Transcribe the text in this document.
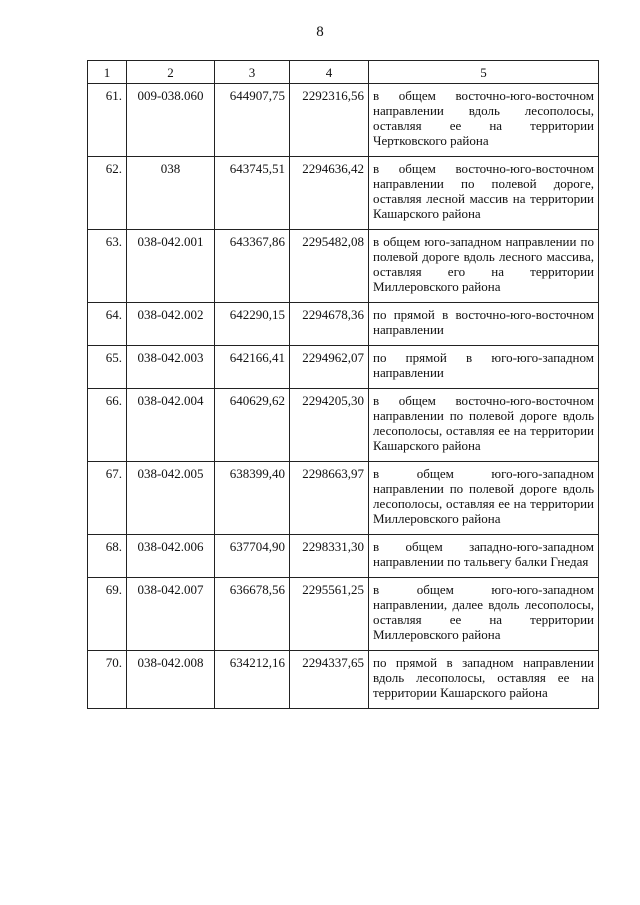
8
1	2	3	4	5
61.	009-038.060	644907,75	2292316,56	в общем восточно-юго-восточном направлении вдоль лесополосы, оставляя ее на территории Чертковского района
62.	038	643745,51	2294636,42	в общем восточно-юго-восточном направлении по полевой дороге, оставляя лесной массив на территории Кашарского района
63.	038-042.001	643367,86	2295482,08	в общем юго-западном направлении по полевой дороге вдоль лесного массива, оставляя его на территории Миллеровского района
64.	038-042.002	642290,15	2294678,36	по прямой в восточно-юго-восточном направлении
65.	038-042.003	642166,41	2294962,07	по прямой в юго-юго-западном направлении
66.	038-042.004	640629,62	2294205,30	в общем восточно-юго-восточном направлении по полевой дороге вдоль лесополосы, оставляя ее на территории Кашарского района
67.	038-042.005	638399,40	2298663,97	в общем юго-юго-западном направлении по полевой дороге вдоль лесополосы, оставляя ее на территории Миллеровского района
68.	038-042.006	637704,90	2298331,30	в общем западно-юго-западном направлении по тальвегу балки Гнедая
69.	038-042.007	636678,56	2295561,25	в общем юго-юго-западном направлении, далее вдоль лесополосы, оставляя ее на территории Миллеровского района
70.	038-042.008	634212,16	2294337,65	по прямой в западном направлении вдоль лесополосы, оставляя ее на территории Кашарского района
